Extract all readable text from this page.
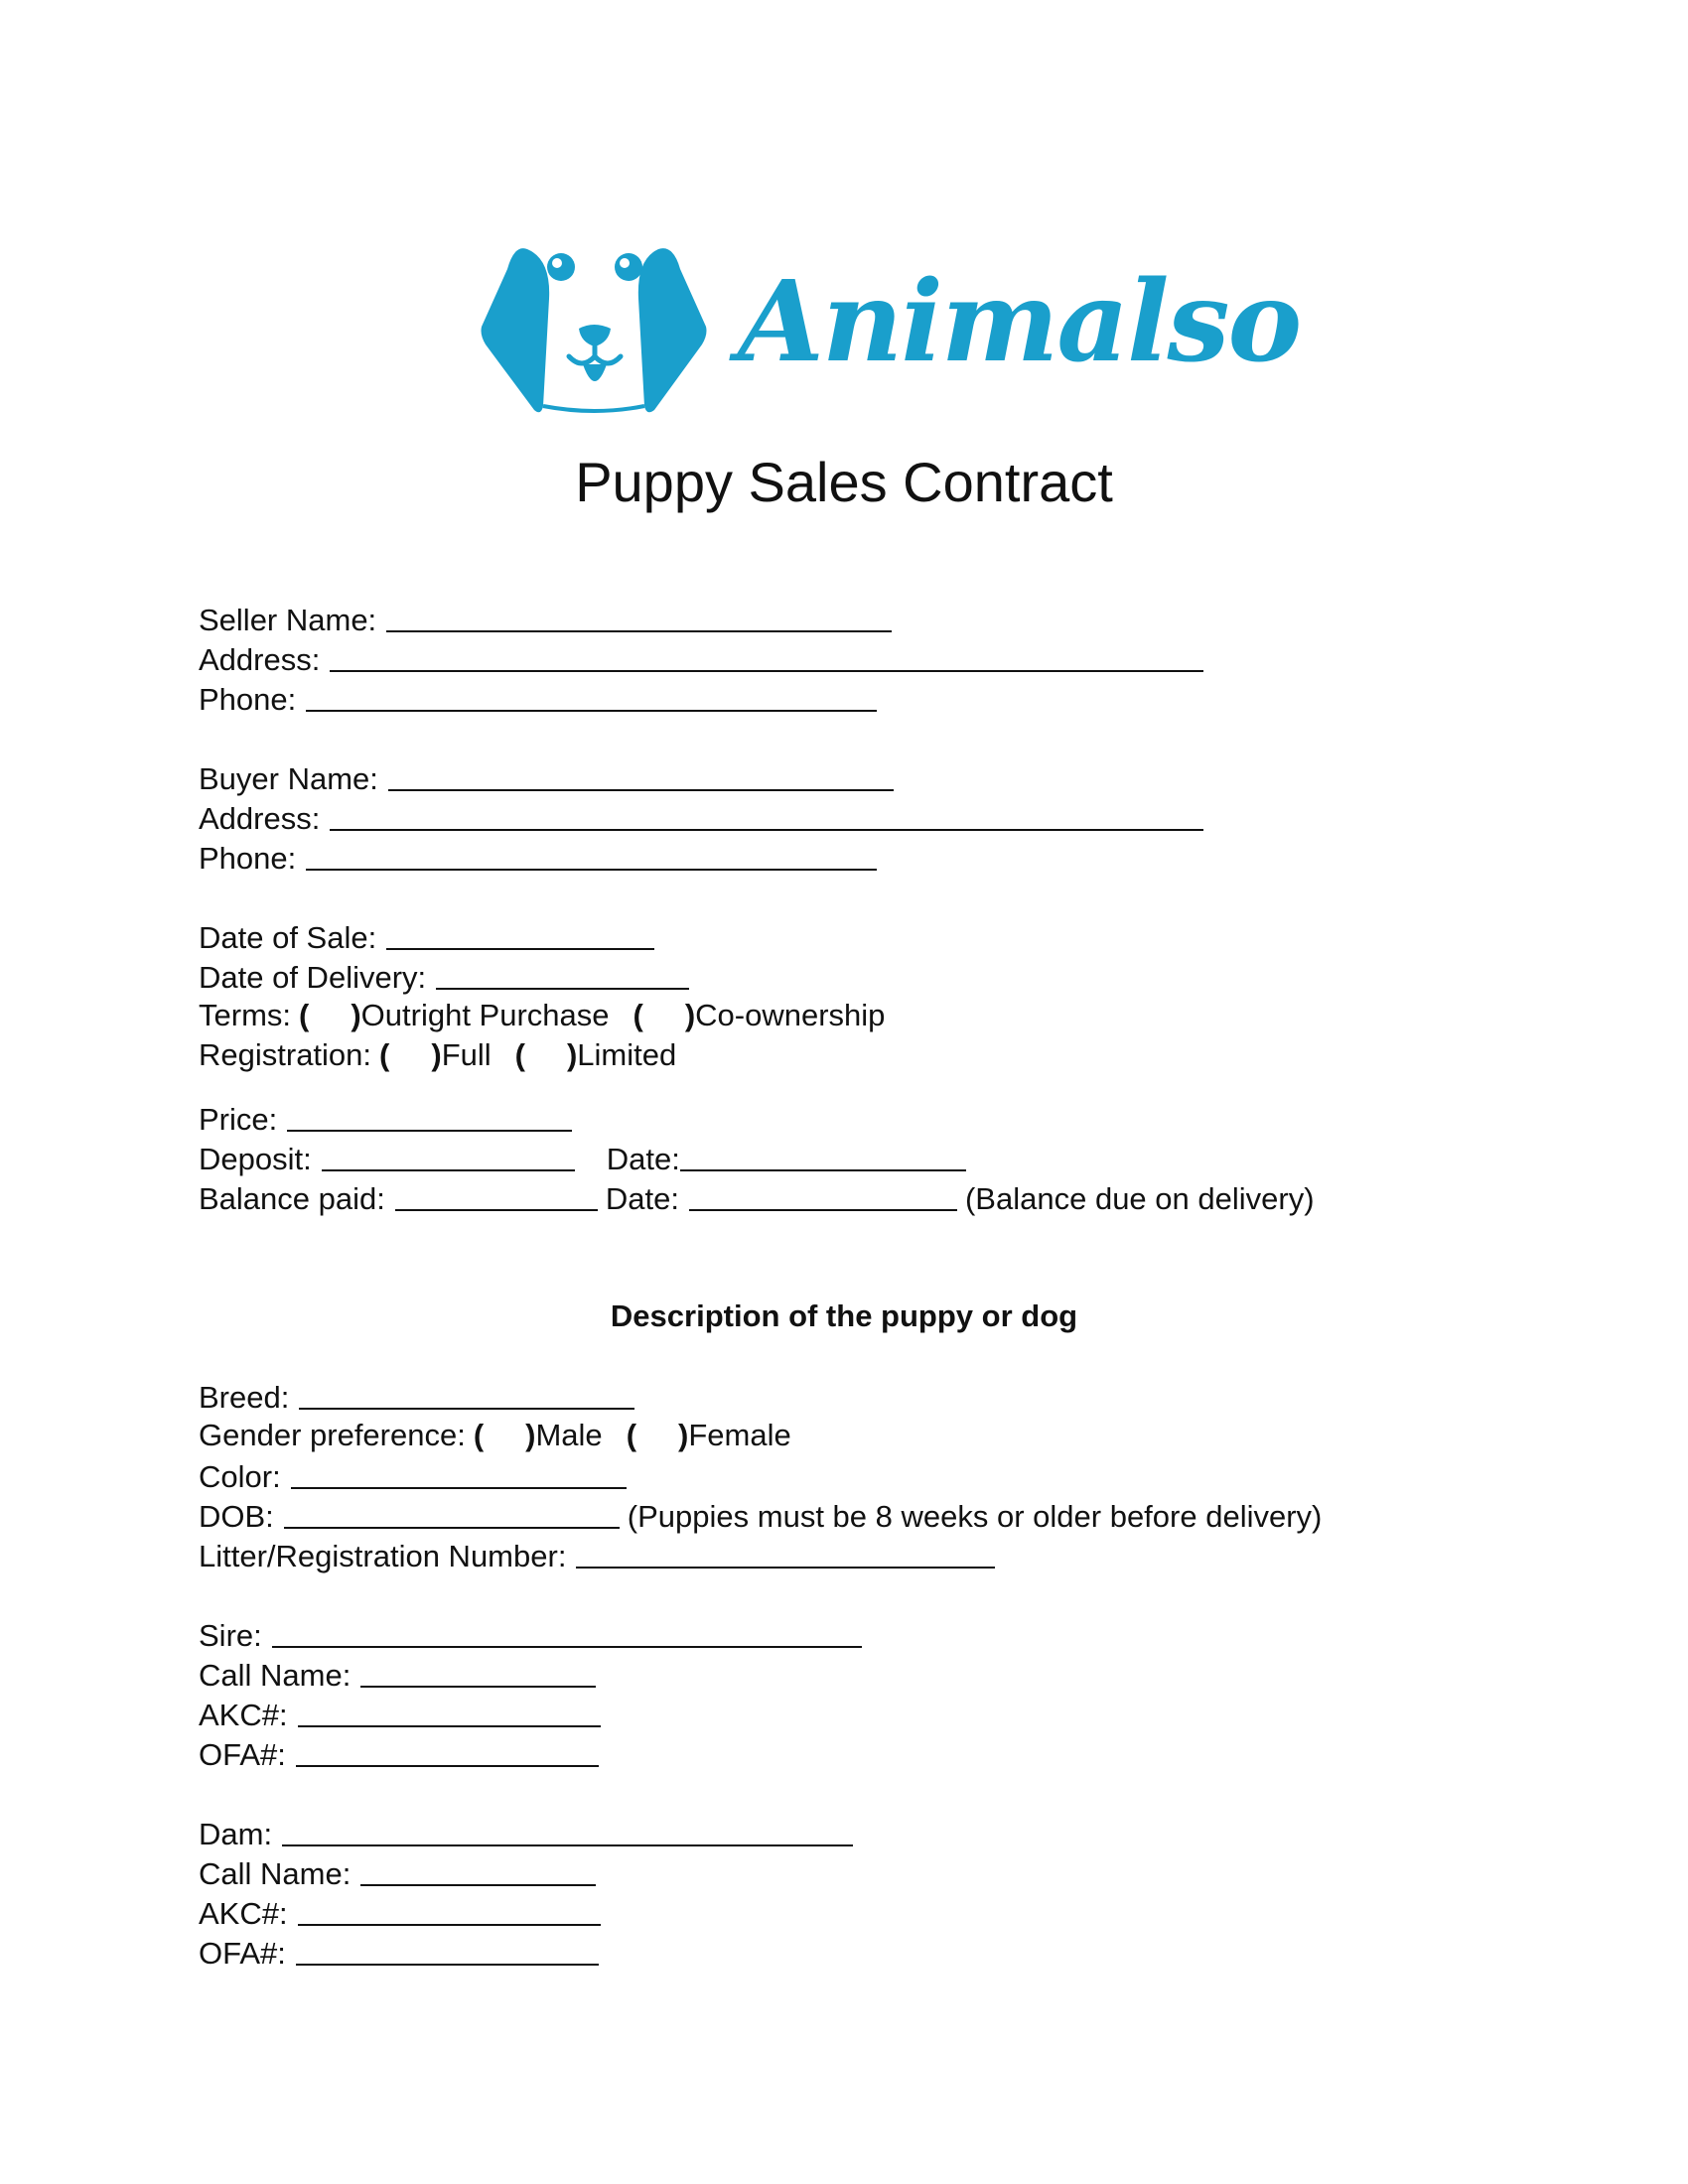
Animalso
Puppy Sales Contract
Seller Name:
Address:
Phone:
Buyer Name:
Address:
Phone:
Date of Sale:
Date of Delivery:
Terms: ( ) Outright Purchase ( ) Co-ownership
Registration: ( ) Full ( ) Limited
Price:
Deposit:	Date:
Balance paid:	Date:	(Balance due on delivery)
Description of the puppy or dog
Breed:
Gender preference: ( ) Male ( ) Female
Color:
DOB:	(Puppies must be 8 weeks or older before delivery)
Litter/Registration Number:
Sire:
Call Name:
AKC#:
OFA#:
Dam:
Call Name:
AKC#:
OFA#:
